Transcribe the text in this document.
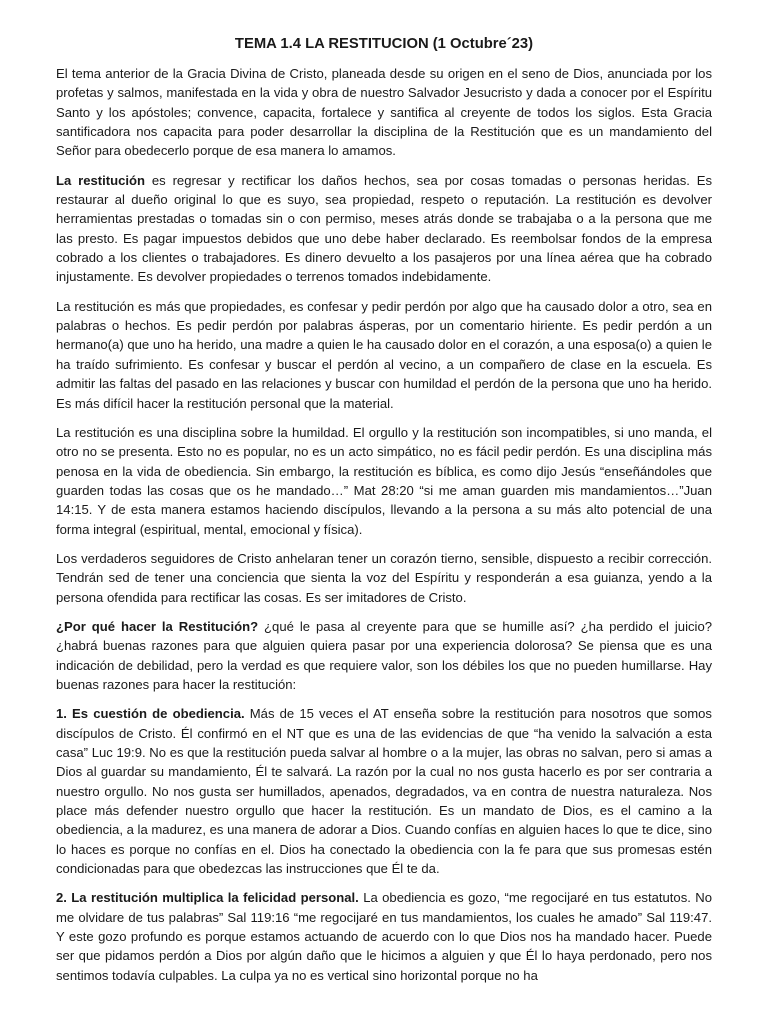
TEMA 1.4 LA RESTITUCION (1 Octubre´23)

El tema anterior de la Gracia Divina de Cristo, planeada desde su origen en el seno de Dios, anunciada por los profetas y salmos, manifestada en la vida y obra de nuestro Salvador Jesucristo y dada a conocer por el Espíritu Santo y los apóstoles; convence, capacita, fortalece y santifica al creyente de todos los siglos. Esta Gracia santificadora nos capacita para poder desarrollar la disciplina de la Restitución que es un mandamiento del Señor para obedecerlo porque de esa manera lo amamos.

La restitución es regresar y rectificar los daños hechos, sea por cosas tomadas o personas heridas. Es restaurar al dueño original lo que es suyo, sea propiedad, respeto o reputación. La restitución es devolver herramientas prestadas o tomadas sin o con permiso, meses atrás donde se trabajaba o a la persona que me las presto. Es pagar impuestos debidos que uno debe haber declarado. Es reembolsar fondos de la empresa cobrado a los clientes o trabajadores. Es dinero devuelto a los pasajeros por una línea aérea que ha cobrado injustamente. Es devolver propiedades o terrenos tomados indebidamente.

La restitución es más que propiedades, es confesar y pedir perdón por algo que ha causado dolor a otro, sea en palabras o hechos. Es pedir perdón por palabras ásperas, por un comentario hiriente. Es pedir perdón a un hermano(a) que uno ha herido, una madre a quien le ha causado dolor en el corazón, a una esposa(o) a quien le ha traído sufrimiento. Es confesar y buscar el perdón al vecino, a un compañero de clase en la escuela. Es admitir las faltas del pasado en las relaciones y buscar con humildad el perdón de la persona que uno ha herido. Es más difícil hacer la restitución personal que la material.

La restitución es una disciplina sobre la humildad. El orgullo y la restitución son incompatibles, si uno manda, el otro no se presenta. Esto no es popular, no es un acto simpático, no es fácil pedir perdón. Es una disciplina más penosa en la vida de obediencia. Sin embargo, la restitución es bíblica, es como dijo Jesús “enseñándoles que guarden todas las cosas que os he mandado…” Mat 28:20 “si me aman guarden mis mandamientos…”Juan 14:15. Y de esta manera estamos haciendo discípulos, llevando a la persona a su más alto potencial de una forma integral (espiritual, mental, emocional y física).

Los verdaderos seguidores de Cristo anhelaran tener un corazón tierno, sensible, dispuesto a recibir corrección. Tendrán sed de tener una conciencia que sienta la voz del Espíritu y responderán a esa guianza, yendo a la persona ofendida para rectificar las cosas. Es ser imitadores de Cristo.

¿Por qué hacer la Restitución? ¿qué le pasa al creyente para que se humille así? ¿ha perdido el juicio? ¿habrá buenas razones para que alguien quiera pasar por una experiencia dolorosa? Se piensa que es una indicación de debilidad, pero la verdad es que requiere valor, son los débiles los que no pueden humillarse. Hay buenas razones para hacer la restitución:

1. Es cuestión de obediencia. Más de 15 veces el AT enseña sobre la restitución para nosotros que somos discípulos de Cristo. Él confirmó en el NT que es una de las evidencias de que “ha venido la salvación a esta casa” Luc 19:9. No es que la restitución pueda salvar al hombre o a la mujer, las obras no salvan, pero si amas a Dios al guardar su mandamiento, Él te salvará. La razón por la cual no nos gusta hacerlo es por ser contraria a nuestro orgullo. No nos gusta ser humillados, apenados, degradados, va en contra de nuestra naturaleza. Nos place más defender nuestro orgullo que hacer la restitución. Es un mandato de Dios, es el camino a la obediencia, a la madurez, es una manera de adorar a Dios. Cuando confías en alguien haces lo que te dice, sino lo haces es porque no confías en el. Dios ha conectado la obediencia con la fe para que sus promesas estén condicionadas para que obedezcas las instrucciones que Él te da.

2. La restitución multiplica la felicidad personal. La obediencia es gozo, “me regocijaré en tus estatutos. No me olvidare de tus palabras” Sal 119:16 “me regocijaré en tus mandamientos, los cuales he amado” Sal 119:47. Y este gozo profundo es porque estamos actuando de acuerdo con lo que Dios nos ha mandado hacer. Puede ser que pidamos perdón a Dios por algún daño que le hicimos a alguien y que Él lo haya perdonado, pero nos sentimos todavía culpables. La culpa ya no es vertical sino horizontal porque no ha
